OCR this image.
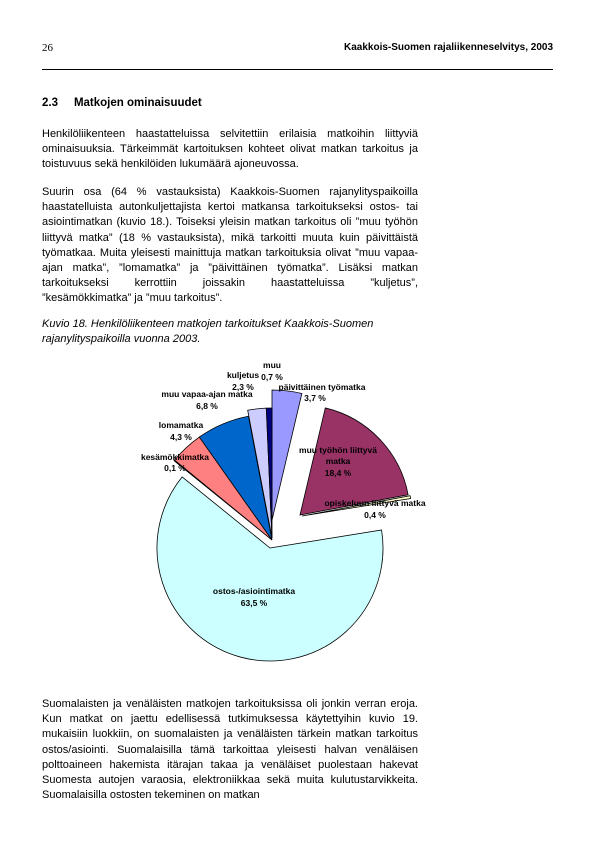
26	Kaakkois-Suomen rajaliikenneselvitys, 2003
2.3     Matkojen ominaisuudet

Henkilöliikenteen haastatteluissa selvitettiin erilaisia matkoihin liittyviä ominaisuuksia. Tärkeimmät kartoituksen kohteet olivat matkan tarkoitus ja toistuvuus sekä henkilöiden lukumäärä ajoneuvossa.

Suurin osa (64 % vastauksista) Kaakkois-Suomen rajanylityspaikoilla haastatelluista autonkuljettajista kertoi matkansa tarkoitukseksi ostos- tai asiointimatkan (kuvio 18.). Toiseksi yleisin matkan tarkoitus oli ”muu työhön liittyvä matka” (18 % vastauksista), mikä tarkoitti muuta kuin päivittäistä työmatkaa. Muita yleisesti mainittuja matkan tarkoituksia olivat ”muu vapaa-ajan matka”, ”lomamatka” ja ”päivittäinen työmatka”. Lisäksi matkan tarkoitukseksi kerrottiin joissakin haastatteluissa ”kuljetus”, ”kesämökkimatka” ja ”muu tarkoitus”.

Kuvio 18. Henkilöliikenteen matkojen tarkoitukset Kaakkois-Suomen rajanylityspaikoilla vuonna 2003.

päivittäinen työmatka
3,7 %
muu työhön liittyvä
matka
18,4 %
opiskeluun liittyvä matka
0,4 %
ostos-/asiointimatka
63,5 %
kesämökkimatka
0,1 %
lomamatka
4,3 %
muu vapaa-ajan matka
6,8 %
kuljetus
2,3 %
muu
0,7 %

Suomalaisten ja venäläisten matkojen tarkoituksissa oli jonkin verran eroja. Kun matkat on jaettu edellisessä tutkimuksessa käytettyihin kuvio 19. mukaisiin luokkiin, on suomalaisten ja venäläisten tärkein matkan tarkoitus ostos/asiointi. Suomalaisilla tämä tarkoittaa yleisesti halvan venäläisen polttoaineen hakemista itärajan takaa ja venäläiset puolestaan hakevat Suomesta autojen varaosia, elektroniikkaa sekä muita kulutustarvikkeita. Suomalaisilla ostosten tekeminen on matkan
